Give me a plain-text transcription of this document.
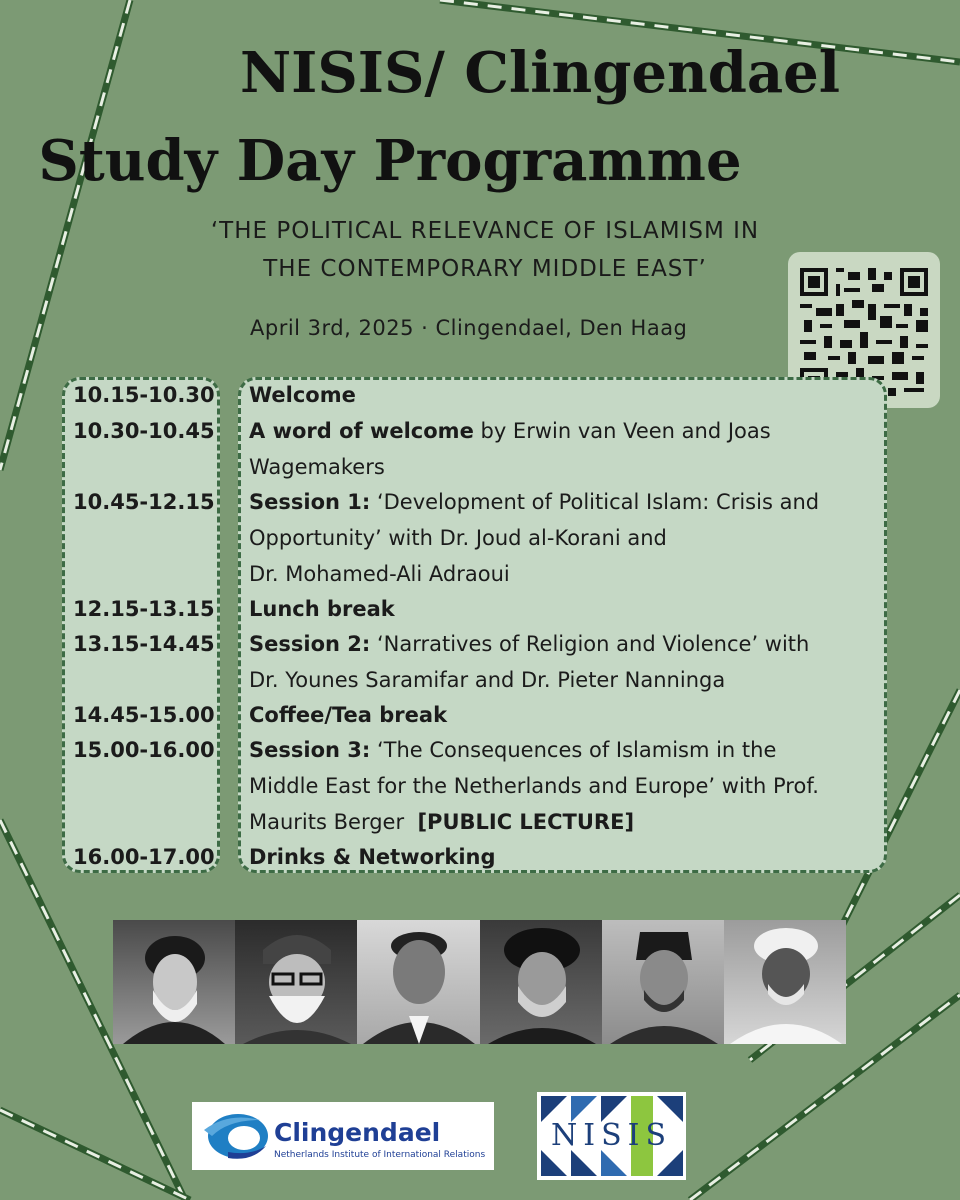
NISIS/ Clingendael
Study Day Programme
‘THE POLITICAL RELEVANCE OF ISLAMISM IN
THE CONTEMPORARY MIDDLE EAST’
April 3rd, 2025 · Clingendael, Den Haag
10.15-10.30 Welcome
10.30-10.45 A word of welcome by Erwin van Veen and Joas
Wagemakers
10.45-12.15 Session 1: ‘Development of Political Islam: Crisis and
Opportunity’ with Dr. Joud al-Korani and
Dr. Mohamed-Ali Adraoui
12.15-13.15 Lunch break
13.15-14.45 Session 2: ‘Narratives of Religion and Violence’ with
Dr. Younes Saramifar and Dr. Pieter Nanninga
14.45-15.00 Coffee/Tea break
15.00-16.00 Session 3: ‘The Consequences of Islamism in the
Middle East for the Netherlands and Europe’ with Prof.
Maurits Berger  [PUBLIC LECTURE]
16.00-17.00 Drinks & Networking
Clingendael
Netherlands Institute of International Relations
NISIS
